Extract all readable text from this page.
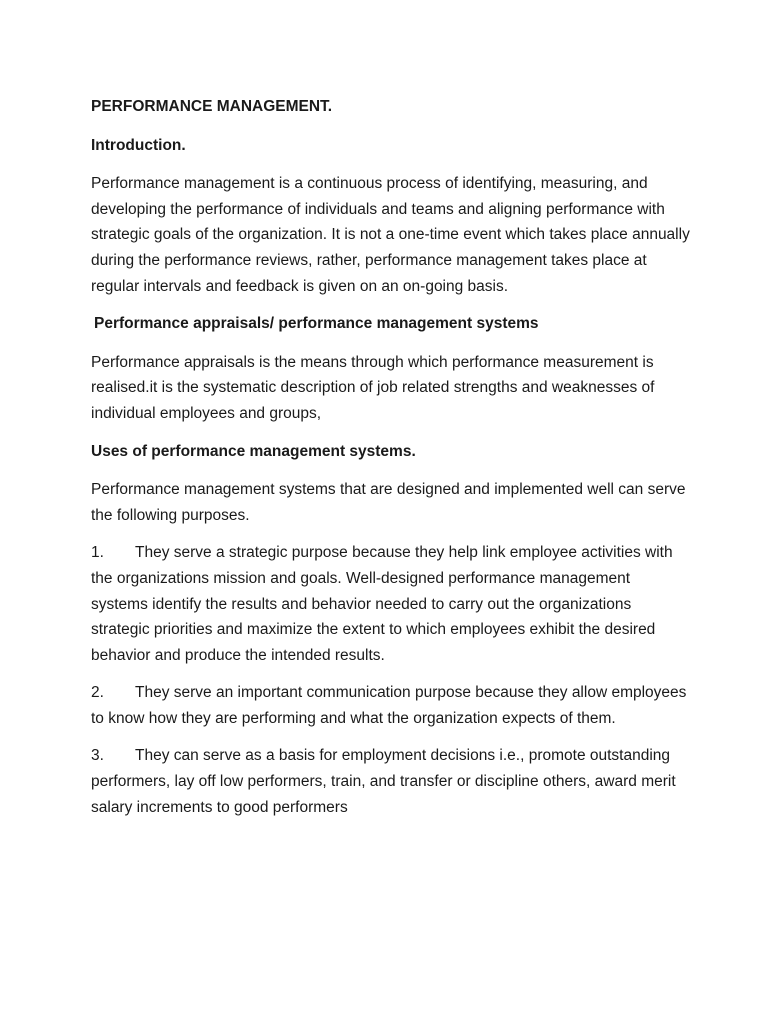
PERFORMANCE MANAGEMENT.

Introduction.

Performance management is a continuous process of identifying, measuring, and developing the performance of individuals and teams and aligning performance with strategic goals of the organization. It is not a one-time event which takes place annually during the performance reviews, rather, performance management takes place at regular intervals and feedback is given on an on-going basis.

Performance appraisals/ performance management systems

Performance appraisals is the means through which performance measurement is realised.it is the systematic description of job related strengths and weaknesses of individual employees and groups,

Uses of performance management systems.

Performance management systems that are designed and implemented well can serve the following purposes.

1. They serve a strategic purpose because they help link employee activities with the organizations mission and goals. Well-designed performance management systems identify the results and behavior needed to carry out the organizations strategic priorities and maximize the extent to which employees exhibit the desired behavior and produce the intended results.

2. They serve an important communication purpose because they allow employees to know how they are performing and what the organization expects of them.

3. They can serve as a basis for employment decisions i.e., promote outstanding performers, lay off low performers, train, and transfer or discipline others, award merit salary increments to good performers
